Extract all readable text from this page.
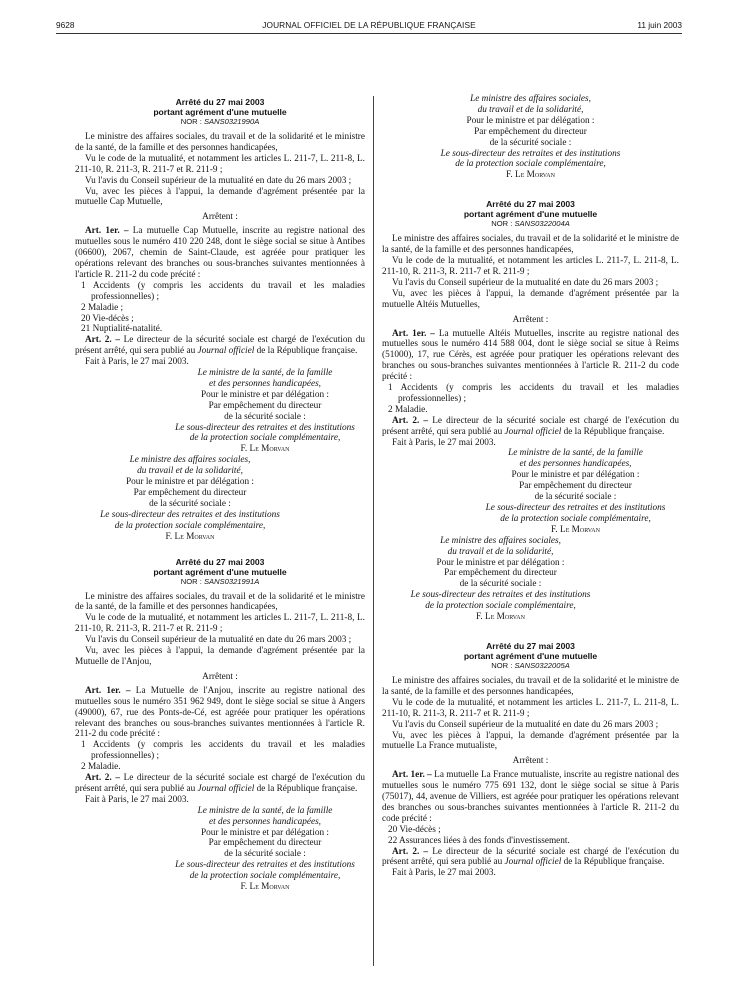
9628	JOURNAL OFFICIEL DE LA RÉPUBLIQUE FRANÇAISE	11 juin 2003
Arrêté du 27 mai 2003
portant agrément d'une mutuelle
NOR : SANS0321990A

Le ministre des affaires sociales, du travail et de la solidarité et le ministre de la santé, de la famille et des personnes handicapées,

Vu le code de la mutualité, et notamment les articles L. 211-7, L. 211-8, L. 211-10, R. 211-3, R. 211-7 et R. 211-9 ;

Vu l'avis du Conseil supérieur de la mutualité en date du 26 mars 2003 ;

Vu, avec les pièces à l'appui, la demande d'agrément présentée par la mutuelle Cap Mutuelle,

Arrêtent :

Art. 1er. – La mutuelle Cap Mutuelle, inscrite au registre national des mutuelles sous le numéro 410 220 248, dont le siège social se situe à Antibes (06600), 2067, chemin de Saint-Claude, est agréée pour pratiquer les opérations relevant des branches ou sous-branches suivantes mentionnées à l'article R. 211-2 du code précité :

1 Accidents (y compris les accidents du travail et les maladies professionnelles) ;

2 Maladie ;

20 Vie-décès ;

21 Nuptialité-natalité.

Art. 2. – Le directeur de la sécurité sociale est chargé de l'exécution du présent arrêté, qui sera publié au Journal officiel de la République française.

Fait à Paris, le 27 mai 2003.

Le ministre de la santé, de la famille
et des personnes handicapées,
Pour le ministre et par délégation :
Par empêchement du directeur
de la sécurité sociale :
Le sous-directeur des retraites et des institutions
de la protection sociale complémentaire,
F. Le Morvan
Le ministre des affaires sociales,
du travail et de la solidarité,
Pour le ministre et par délégation :
Par empêchement du directeur
de la sécurité sociale :
Le sous-directeur des retraites et des institutions
de la protection sociale complémentaire,
F. Le Morvan
Arrêté du 27 mai 2003
portant agrément d'une mutuelle
NOR : SANS0321991A

Le ministre des affaires sociales, du travail et de la solidarité et le ministre de la santé, de la famille et des personnes handicapées,

Vu le code de la mutualité, et notamment les articles L. 211-7, L. 211-8, L. 211-10, R. 211-3, R. 211-7 et R. 211-9 ;

Vu l'avis du Conseil supérieur de la mutualité en date du 26 mars 2003 ;

Vu, avec les pièces à l'appui, la demande d'agrément présentée par la Mutuelle de l'Anjou,

Arrêtent :

Art. 1er. – La Mutuelle de l'Anjou, inscrite au registre national des mutuelles sous le numéro 351 962 949, dont le siège social se situe à Angers (49000), 67, rue des Ponts-de-Cé, est agréée pour pratiquer les opérations relevant des branches ou sous-branches suivantes mentionnées à l'article R. 211-2 du code précité :

1 Accidents (y compris les accidents du travail et les maladies professionnelles) ;

2 Maladie.

Art. 2. – Le directeur de la sécurité sociale est chargé de l'exécution du présent arrêté, qui sera publié au Journal officiel de la République française.

Fait à Paris, le 27 mai 2003.

Le ministre de la santé, de la famille
et des personnes handicapées,
Pour le ministre et par délégation :
Par empêchement du directeur
de la sécurité sociale :
Le sous-directeur des retraites et des institutions
de la protection sociale complémentaire,
F. Le Morvan
Le ministre des affaires sociales,
du travail et de la solidarité,
Pour le ministre et par délégation :
Par empêchement du directeur
de la sécurité sociale :
Le sous-directeur des retraites et des institutions
de la protection sociale complémentaire,
F. Le Morvan
Arrêté du 27 mai 2003
portant agrément d'une mutuelle
NOR : SANS0322004A

Le ministre des affaires sociales, du travail et de la solidarité et le ministre de la santé, de la famille et des personnes handicapées,

Vu le code de la mutualité, et notamment les articles L. 211-7, L. 211-8, L. 211-10, R. 211-3, R. 211-7 et R. 211-9 ;

Vu l'avis du Conseil supérieur de la mutualité en date du 26 mars 2003 ;

Vu, avec les pièces à l'appui, la demande d'agrément présentée par la mutuelle Altéis Mutuelles,

Arrêtent :

Art. 1er. – La mutuelle Altéis Mutuelles, inscrite au registre national des mutuelles sous le numéro 414 588 004, dont le siège social se situe à Reims (51000), 17, rue Cérès, est agréée pour pratiquer les opérations relevant des branches ou sous-branches suivantes mentionnées à l'article R. 211-2 du code précité :

1 Accidents (y compris les accidents du travail et les maladies professionnelles) ;

2 Maladie.

Art. 2. – Le directeur de la sécurité sociale est chargé de l'exécution du présent arrêté, qui sera publié au Journal officiel de la République française.

Fait à Paris, le 27 mai 2003.

Le ministre de la santé, de la famille
et des personnes handicapées,
Pour le ministre et par délégation :
Par empêchement du directeur
de la sécurité sociale :
Le sous-directeur des retraites et des institutions
de la protection sociale complémentaire,
F. Le Morvan
Le ministre des affaires sociales,
du travail et de la solidarité,
Pour le ministre et par délégation :
Par empêchement du directeur
de la sécurité sociale :
Le sous-directeur des retraites et des institutions
de la protection sociale complémentaire,
F. Le Morvan
Arrêté du 27 mai 2003
portant agrément d'une mutuelle
NOR : SANS0322005A

Le ministre des affaires sociales, du travail et de la solidarité et le ministre de la santé, de la famille et des personnes handicapées,

Vu le code de la mutualité, et notamment les articles L. 211-7, L. 211-8, L. 211-10, R. 211-3, R. 211-7 et R. 211-9 ;

Vu l'avis du Conseil supérieur de la mutualité en date du 26 mars 2003 ;

Vu, avec les pièces à l'appui, la demande d'agrément présentée par la mutuelle La France mutualiste,

Arrêtent :

Art. 1er. – La mutuelle La France mutualiste, inscrite au registre national des mutuelles sous le numéro 775 691 132, dont le siège social se situe à Paris (75017), 44, avenue de Villiers, est agréée pour pratiquer les opérations relevant des branches ou sous-branches suivantes mentionnées à l'article R. 211-2 du code précité :

20 Vie-décès ;

22 Assurances liées à des fonds d'investissement.

Art. 2. – Le directeur de la sécurité sociale est chargé de l'exécution du présent arrêté, qui sera publié au Journal officiel de la République française.

Fait à Paris, le 27 mai 2003.
